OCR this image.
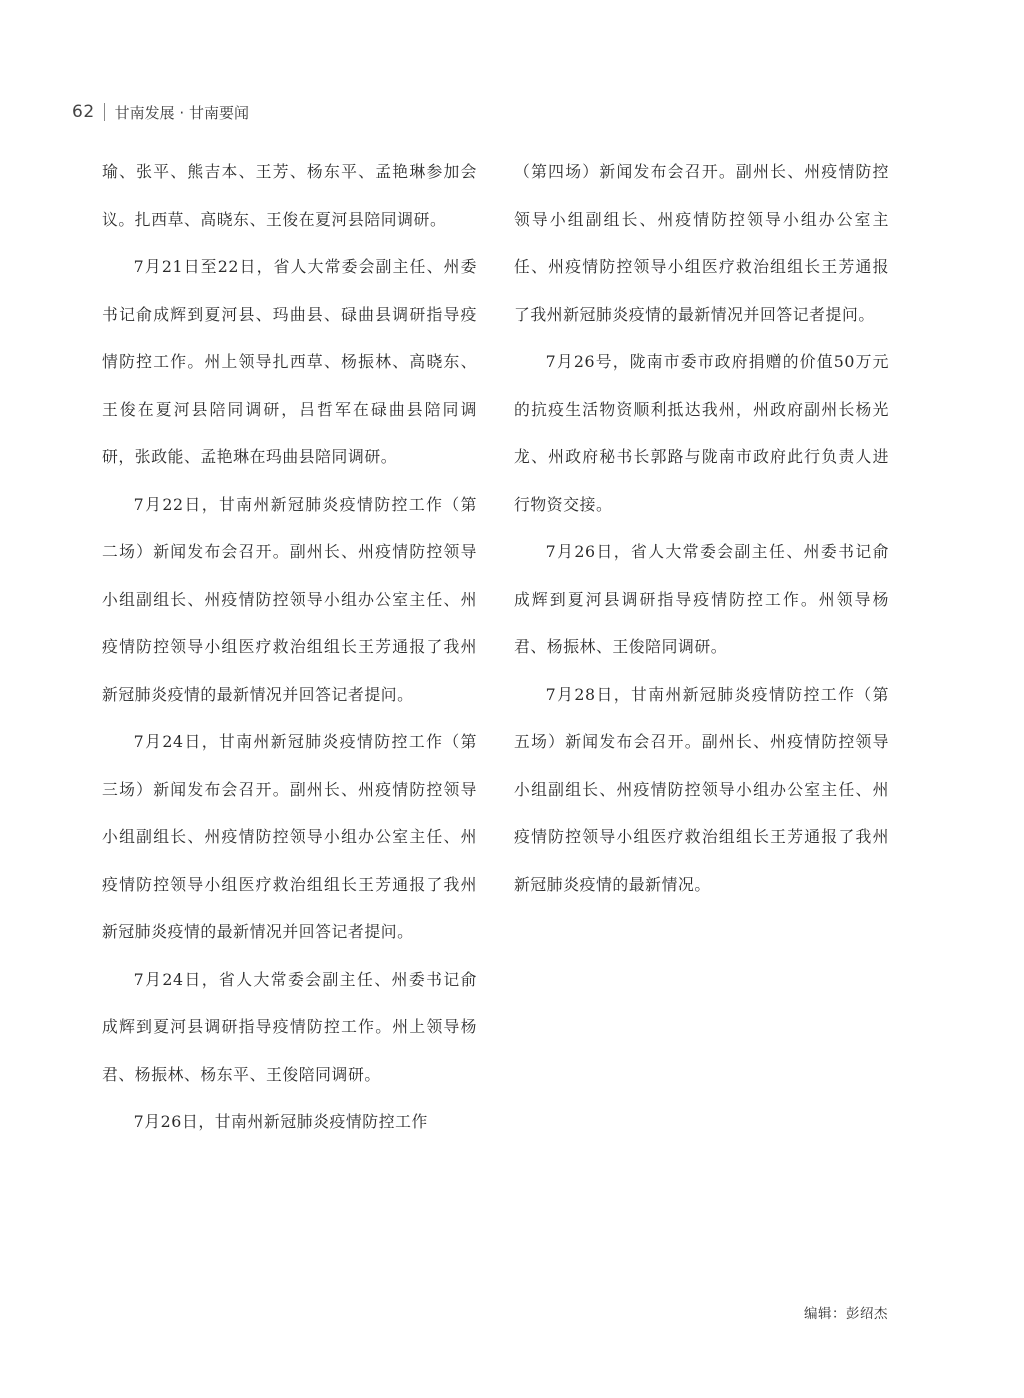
62 甘南发展 · 甘南要闻

瑜、张平、熊吉本、王芳、杨东平、孟艳琳参加会议。扎西草、高晓东、王俊在夏河县陪同调研。

7月21日至22日，省人大常委会副主任、州委书记俞成辉到夏河县、玛曲县、碌曲县调研指导疫情防控工作。州上领导扎西草、杨振林、高晓东、王俊在夏河县陪同调研，吕哲军在碌曲县陪同调研，张政能、孟艳琳在玛曲县陪同调研。

7月22日，甘南州新冠肺炎疫情防控工作（第二场）新闻发布会召开。副州长、州疫情防控领导小组副组长、州疫情防控领导小组办公室主任、州疫情防控领导小组医疗救治组组长王芳通报了我州新冠肺炎疫情的最新情况并回答记者提问。

7月24日，甘南州新冠肺炎疫情防控工作（第三场）新闻发布会召开。副州长、州疫情防控领导小组副组长、州疫情防控领导小组办公室主任、州疫情防控领导小组医疗救治组组长王芳通报了我州新冠肺炎疫情的最新情况并回答记者提问。

7月24日，省人大常委会副主任、州委书记俞成辉到夏河县调研指导疫情防控工作。州上领导杨君、杨振林、杨东平、王俊陪同调研。

7月26日，甘南州新冠肺炎疫情防控工作

（第四场）新闻发布会召开。副州长、州疫情防控领导小组副组长、州疫情防控领导小组办公室主任、州疫情防控领导小组医疗救治组组长王芳通报了我州新冠肺炎疫情的最新情况并回答记者提问。

7月26号，陇南市委市政府捐赠的价值50万元的抗疫生活物资顺利抵达我州，州政府副州长杨光龙、州政府秘书长郭路与陇南市政府此行负责人进行物资交接。

7月26日，省人大常委会副主任、州委书记俞成辉到夏河县调研指导疫情防控工作。州领导杨君、杨振林、王俊陪同调研。

7月28日，甘南州新冠肺炎疫情防控工作（第五场）新闻发布会召开。副州长、州疫情防控领导小组副组长、州疫情防控领导小组办公室主任、州疫情防控领导小组医疗救治组组长王芳通报了我州新冠肺炎疫情的最新情况。

编辑：彭绍杰
